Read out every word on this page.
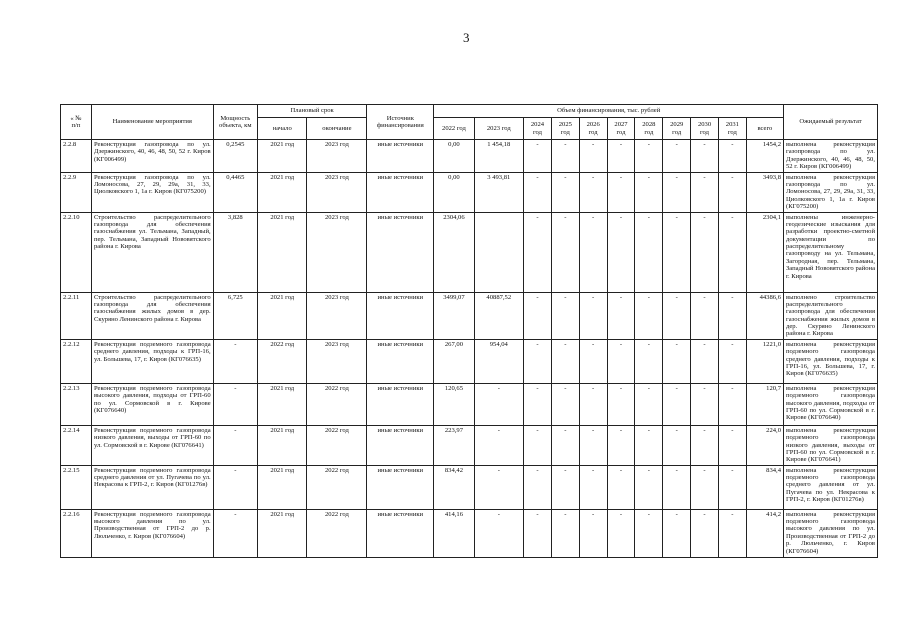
3
« №
п/п	Наименование мероприятия	Мощность объекта, км	Плановый срок		Источник финансирования	Объем финансирования, тыс. рублей											Ожидаемый результат
			начало	окончание		2022 год	2023 год	2024 год	2025 год	2026 год	2027 год	2028 год	2029 год	2030 год	2031 год	всего	
2.2.8	Реконструкция газопровода по ул. Дзержинского, 40, 46, 48, 50, 52 г. Киров (КГ006499)	0,2545	2021 год	2023 год	иные источники	0,00	1 454,18	-	-	-	-	-	-	-	-	1454,2	выполнена реконструкция газопровода по ул. Дзержинского, 40, 46, 48, 50, 52 г. Киров (КГ006499)
2.2.9	Реконструкция газопровода по ул. Ломоносова, 27, 29, 29а, 31, 33, Циолковского 1, 1а г. Киров (КГ075200)	0,4465	2021 год	2023 год	иные источники	0,00	3 493,81	-	-	-	-	-	-	-	-	3493,8	выполнена реконструкция газопровода по ул. Ломоносова, 27, 29, 29а, 31, 33, Циолковского 1, 1а г. Киров (КГ075200)
2.2.10	Строительство распределительного газопровода для обеспечения газоснабжения ул. Тельмана, Западный, пер. Тельмана, Западный Нововятского района г. Кирова	3,828	2021 год	2023 год	иные источники	2304,06		-	-	-	-	-	-	-	-	2304,1	выполнены инженерно-геодезические изыскания для разработки проектно-сметной документации по распределительному газопроводу на ул. Тельмана, Загородная, пер. Тельмана, Западный Нововятского района г. Кирова
2.2.11	Строительство распределительного газопровода для обеспечения газоснабжения жилых домов в дер. Скуряно Ленинского района г. Кирова	6,725	2021 год	2023 год	иные источники	3499,07	40887,52	-	-	-	-	-	-	-	-	44386,6	выполнено строительство распределительного газопровода для обеспечения газоснабжения жилых домов в дер. Скуряно Ленинского района г. Кирова
2.2.12	Реконструкция подземного газопровода среднего давления, подходы к ГРП-16, ул. Большева, 17, г. Киров (КГ076635)	-	2022 год	2023 год	иные источники	267,00	954,04	-	-	-	-	-	-	-	-	1221,0	выполнена реконструкция подземного газопровода среднего давления, подходы к ГРП-16, ул. Большева, 17, г. Киров (КГ076635)
2.2.13	Реконструкция подземного газопровода высокого давления, подходы от ГРП-60 по ул. Сормовской в г. Кирове (КГ076640)	-	2021 год	2022 год	иные источники	120,65	-	-	-	-	-	-	-	-	-	120,7	выполнена реконструкция подземного газопровода высокого давления, подходы от ГРП-60 по ул. Сормовской в г. Кирове (КГ076640)
2.2.14	Реконструкция подземного газопровода низкого давления, выходы от ГРП-60 по ул. Сормовской в г. Кирове (КГ076641)	-	2021 год	2022 год	иные источники	223,97	-	-	-	-	-	-	-	-	-	224,0	выполнена реконструкция подземного газопровода низкого давления, выходы от ГРП-60 по ул. Сормовской в г. Кирове (КГ076641)
2.2.15	Реконструкция подземного газопровода среднего давления от ул. Пугачева по ул. Некрасова к ГРП-2, г. Киров (КГ01276в)	-	2021 год	2022 год	иные источники	834,42	-	-	-	-	-	-	-	-	-	834,4	выполнена реконструкция подземного газопровода среднего давления от ул. Пугачева по ул. Некрасова к ГРП-2, г. Киров (КГ01276в)
2.2.16	Реконструкция подземного газопровода высокого давления по ул. Производственная от ГРП-2 до р. Люльченко, г. Киров (КГ076604)	-	2021 год	2022 год	иные источники	414,16	-	-	-	-	-	-	-	-	-	414,2	выполнена реконструкция подземного газопровода высокого давления по ул. Производственная от ГРП-2 до р. Люльченко, г. Киров (КГ076604)
